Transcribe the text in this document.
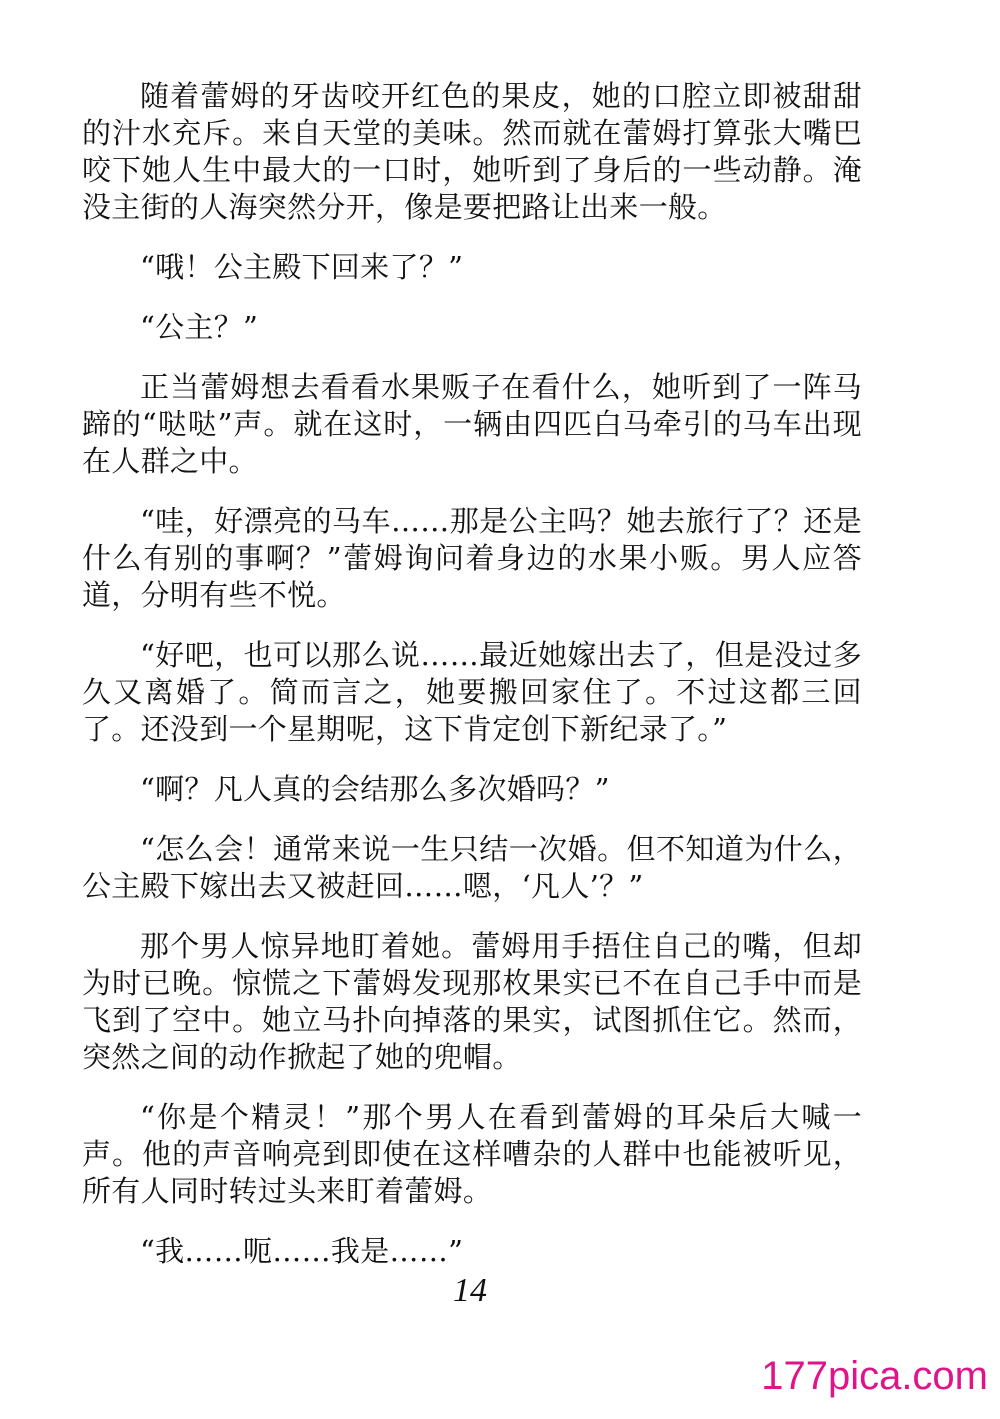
随着蕾姆的牙齿咬开红色的果皮，她的口腔立即被甜甜的汁水充斥。来自天堂的美味。然而就在蕾姆打算张大嘴巴咬下她人生中最大的一口时，她听到了身后的一些动静。淹没主街的人海突然分开，像是要把路让出来一般。

“哦！公主殿下回来了？”

“公主？”

正当蕾姆想去看看水果贩子在看什么，她听到了一阵马蹄的“哒哒”声。就在这时，一辆由四匹白马牵引的马车出现在人群之中。

“哇，好漂亮的马车……那是公主吗？她去旅行了？还是什么有别的事啊？”蕾姆询问着身边的水果小贩。男人应答道，分明有些不悦。

“好吧，也可以那么说……最近她嫁出去了，但是没过多久又离婚了。简而言之，她要搬回家住了。不过这都三回了。还没到一个星期呢，这下肯定创下新纪录了。”

“啊？凡人真的会结那么多次婚吗？”

“怎么会！通常来说一生只结一次婚。但不知道为什么，公主殿下嫁出去又被赶回……嗯，‘凡人’？”

那个男人惊异地盯着她。蕾姆用手捂住自己的嘴，但却为时已晚。惊慌之下蕾姆发现那枚果实已不在自己手中而是飞到了空中。她立马扑向掉落的果实，试图抓住它。然而，突然之间的动作掀起了她的兜帽。

“你是个精灵！”那个男人在看到蕾姆的耳朵后大喊一声。他的声音响亮到即使在这样嘈杂的人群中也能被听见，所有人同时转过头来盯着蕾姆。

“我……呃……我是……”

14
177pica.com
